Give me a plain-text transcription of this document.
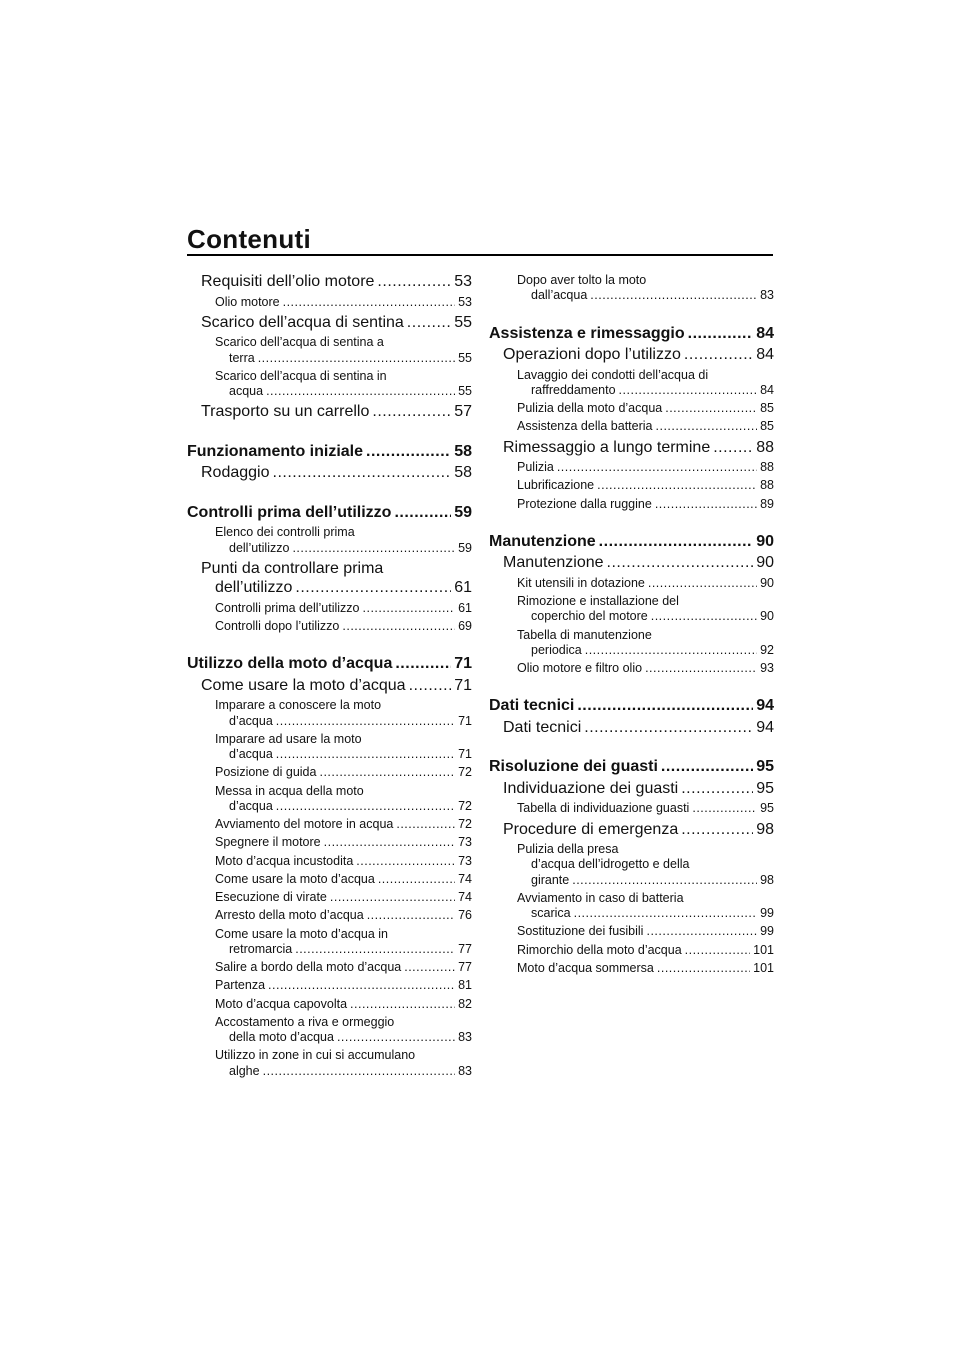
Contenuti
Requisiti dell’olio motore .....	53
Olio motore .....	53
Scarico dell’acqua di sentina .....	55
Scarico dell’acqua di sentina a
terra .....	55
Scarico dell’acqua di sentina in
acqua .....	55
Trasporto su un carrello .....	57
Funzionamento iniziale .....	58
Rodaggio .....	58
Controlli prima dell’utilizzo .....	59
Elenco dei controlli prima
dell’utilizzo .....	59
Punti da controllare prima
dell’utilizzo .....	61
Controlli prima dell’utilizzo .....	61
Controlli dopo l’utilizzo .....	69
Utilizzo della moto d’acqua .....	71
Come usare la moto d’acqua .....	71
Imparare a conoscere la moto
d’acqua .....	71
Imparare ad usare la moto
d’acqua .....	71
Posizione di guida .....	72
Messa in acqua della moto
d’acqua .....	72
Avviamento del motore in acqua .....	72
Spegnere il motore .....	73
Moto d’acqua incustodita .....	73
Come usare la moto d’acqua .....	74
Esecuzione di virate .....	74
Arresto della moto d’acqua .....	76
Come usare la moto d’acqua in
retromarcia .....	77
Salire a bordo della moto d’acqua .....	77
Partenza .....	81
Moto d’acqua capovolta .....	82
Accostamento a riva e ormeggio
della moto d’acqua .....	83
Utilizzo in zone in cui si accumulano
alghe .....	83
Dopo aver tolto la moto
dall’acqua .....	83
Assistenza e rimessaggio .....	84
Operazioni dopo l’utilizzo .....	84
Lavaggio dei condotti dell’acqua di
raffreddamento .....	84
Pulizia della moto d’acqua .....	85
Assistenza della batteria .....	85
Rimessaggio a lungo termine .....	88
Pulizia .....	88
Lubrificazione .....	88
Protezione dalla ruggine .....	89
Manutenzione .....	90
Manutenzione .....	90
Kit utensili in dotazione .....	90
Rimozione e installazione del
coperchio del motore .....	90
Tabella di manutenzione
periodica .....	92
Olio motore e filtro olio .....	93
Dati tecnici .....	94
Dati tecnici .....	94
Risoluzione dei guasti .....	95
Individuazione dei guasti .....	95
Tabella di individuazione guasti .....	95
Procedure di emergenza .....	98
Pulizia della presa
d’acqua dell’idrogetto e della
girante .....	98
Avviamento in caso di batteria
scarica .....	99
Sostituzione dei fusibili .....	99
Rimorchio della moto d’acqua .....	101
Moto d’acqua sommersa .....	101
